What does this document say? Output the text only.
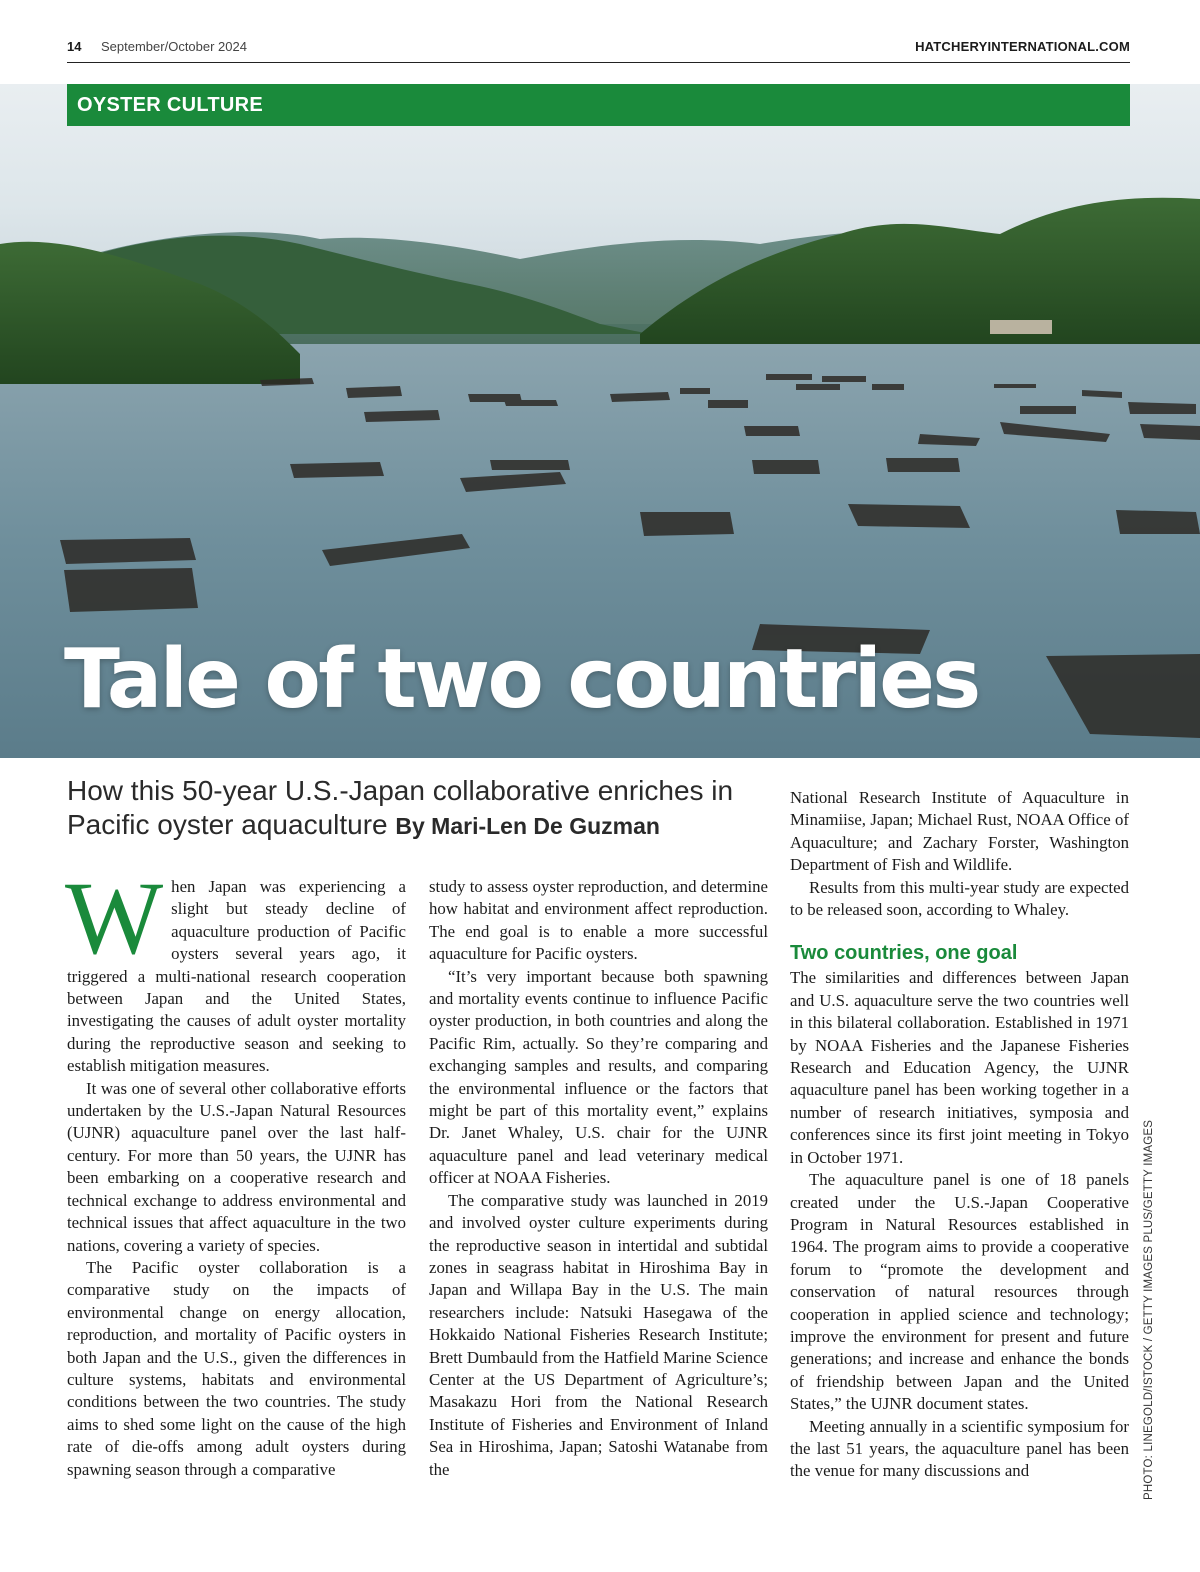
14 September/October 2024	HATCHERYINTERNATIONAL.COM
OYSTER CULTURE
Tale of two countries
How this 50-year U.S.-Japan collaborative enriches in Pacific oyster aquaculture By Mari-Len De Guzman

When Japan was experiencing a slight but steady decline of aquaculture production of Pacific oysters several years ago, it triggered a multi-national research cooperation between Japan and the United States, investigating the causes of adult oyster mortality during the reproductive season and seeking to establish mitigation measures.

It was one of several other collaborative efforts undertaken by the U.S.-Japan Natural Resources (UJNR) aquaculture panel over the last half-century. For more than 50 years, the UJNR has been embarking on a cooperative research and technical exchange to address environmental and technical issues that affect aquaculture in the two nations, covering a variety of species.

The Pacific oyster collaboration is a comparative study on the impacts of environmental change on energy allocation, reproduction, and mortality of Pacific oysters in both Japan and the U.S., given the differences in culture systems, habitats and environmental conditions between the two countries. The study aims to shed some light on the cause of the high rate of die-offs among adult oysters during spawning season through a comparative

study to assess oyster reproduction, and determine how habitat and environment affect reproduction. The end goal is to enable a more successful aquaculture for Pacific oysters.

“It’s very important because both spawning and mortality events continue to influence Pacific oyster production, in both countries and along the Pacific Rim, actually. So they’re comparing and exchanging samples and results, and comparing the environmental influence or the factors that might be part of this mortality event,” explains Dr. Janet Whaley, U.S. chair for the UJNR aquaculture panel and lead veterinary medical officer at NOAA Fisheries.

The comparative study was launched in 2019 and involved oyster culture experiments during the reproductive season in intertidal and subtidal zones in seagrass habitat in Hiroshima Bay in Japan and Willapa Bay in the U.S. The main researchers include: Natsuki Hasegawa of the Hokkaido National Fisheries Research Institute; Brett Dumbauld from the Hatfield Marine Science Center at the US Department of Agriculture’s; Masakazu Hori from the National Research Institute of Fisheries and Environment of Inland Sea in Hiroshima, Japan; Satoshi Watanabe from the

National Research Institute of Aquaculture in Minamiise, Japan; Michael Rust, NOAA Office of Aquaculture; and Zachary Forster, Washington Department of Fish and Wildlife.

Results from this multi-year study are expected to be released soon, according to Whaley.

Two countries, one goal

The similarities and differences between Japan and U.S. aquaculture serve the two countries well in this bilateral collaboration. Established in 1971 by NOAA Fisheries and the Japanese Fisheries Research and Education Agency, the UJNR aquaculture panel has been working together in a number of research initiatives, symposia and conferences since its first joint meeting in Tokyo in October 1971.

The aquaculture panel is one of 18 panels created under the U.S.-Japan Cooperative Program in Natural Resources established in 1964. The program aims to provide a cooperative forum to “promote the development and conservation of natural resources through cooperation in applied science and technology; improve the environment for present and future generations; and increase and enhance the bonds of friendship between Japan and the United States,” the UJNR document states.

Meeting annually in a scientific symposium for the last 51 years, the aquaculture panel has been the venue for many discussions and	PHOTO: LINEGOLD/ISTOCK / GETTY IMAGES PLUS/GETTY IMAGES
